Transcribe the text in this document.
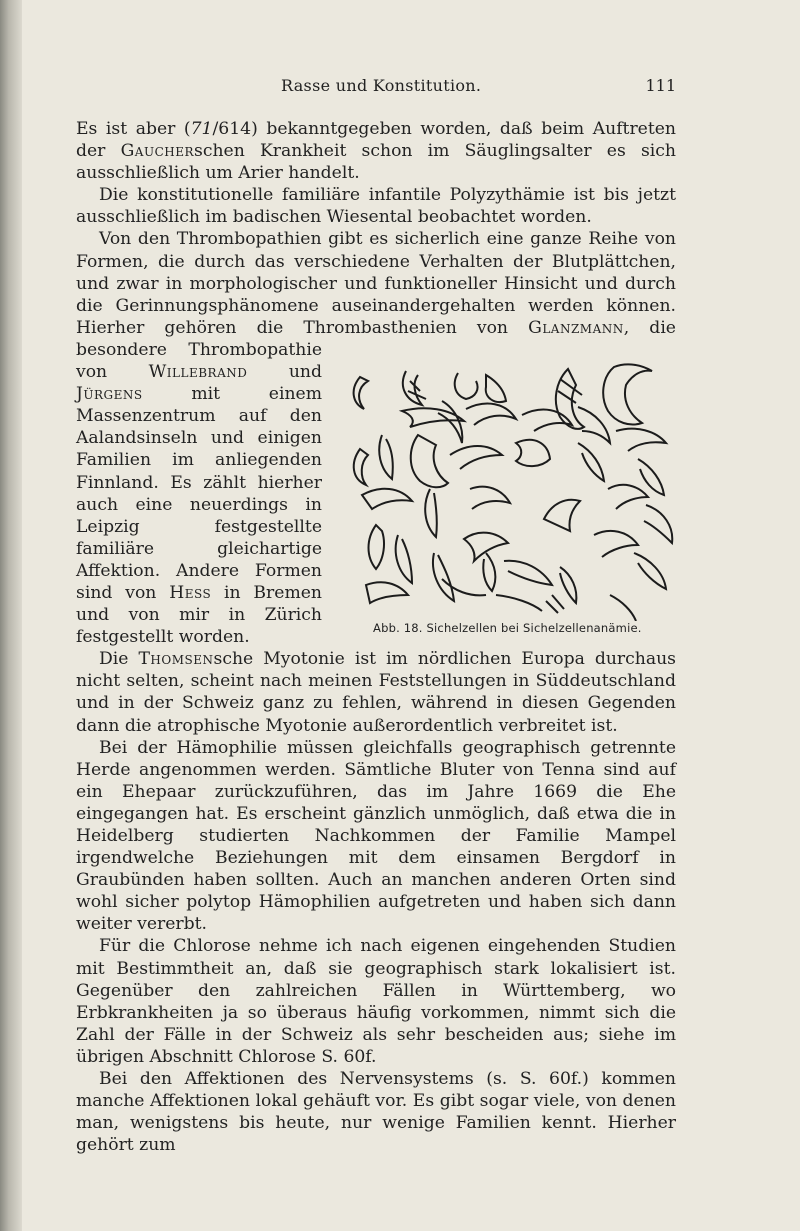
Rasse und Konstitution.	111

Es ist aber (71/614) bekanntgegeben worden, daß beim Auftreten der Gaucherschen Krankheit schon im Säuglingsalter es sich ausschließlich um Arier handelt.

Die konstitutionelle familiäre infantile Polyzythämie ist bis jetzt ausschließlich im badischen Wiesental beobachtet worden.

Von den Thrombopathien gibt es sicherlich eine ganze Reihe von Formen, die durch das verschiedene Verhalten der Blutplättchen, und zwar in morphologischer und funktioneller Hinsicht und durch die Gerinnungsphänomene auseinandergehalten werden können. Hierher gehören die Thrombasthenien von
Abb. 18. Sichelzellen bei Sichelzellenanämie.
Glanzmann, die besondere Thrombopathie von Willebrand und Jürgens mit einem Massenzentrum auf den Aalandsinseln und einigen Familien im anliegenden Finnland. Es zählt hierher auch eine neuerdings in Leipzig festgestellte familiäre gleichartige Affektion. Andere Formen sind von Hess in Bremen und von mir in Zürich festgestellt worden.

Die Thomsensche Myotonie ist im nördlichen Europa durchaus nicht selten, scheint nach meinen Feststellungen in Süddeutschland und in der Schweiz ganz zu fehlen, während in diesen Gegenden dann die atrophische Myotonie außerordentlich verbreitet ist.

Bei der Hämophilie müssen gleichfalls geographisch getrennte Herde angenommen werden. Sämtliche Bluter von Tenna sind auf ein Ehepaar zurückzuführen, das im Jahre 1669 die Ehe eingegangen hat. Es erscheint gänzlich unmöglich, daß etwa die in Heidelberg studierten Nachkommen der Familie Mampel irgendwelche Beziehungen mit dem einsamen Bergdorf in Graubünden haben sollten. Auch an manchen anderen Orten sind wohl sicher polytop Hämophilien aufgetreten und haben sich dann weiter vererbt.

Für die Chlorose nehme ich nach eigenen eingehenden Studien mit Bestimmtheit an, daß sie geographisch stark lokalisiert ist. Gegenüber den zahlreichen Fällen in Württemberg, wo Erbkrankheiten ja so überaus häufig vorkommen, nimmt sich die Zahl der Fälle in der Schweiz als sehr bescheiden aus; siehe im übrigen Abschnitt Chlorose S. 60f.

Bei den Affektionen des Nervensystems (s. S. 60f.) kommen manche Affektionen lokal gehäuft vor. Es gibt sogar viele, von denen man, wenigstens bis heute, nur wenige Familien kennt. Hierher gehört zum
